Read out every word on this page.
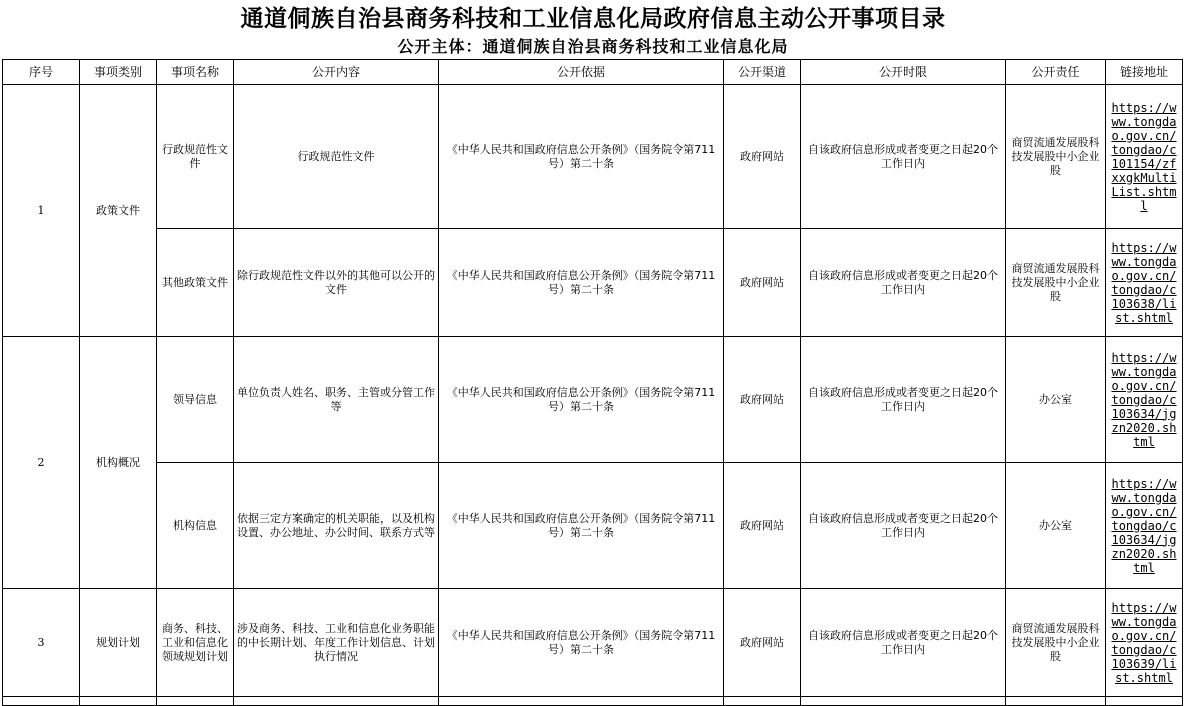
通道侗族自治县商务科技和工业信息化局政府信息主动公开事项目录
公开主体：通道侗族自治县商务科技和工业信息化局
序号	事项类别	事项名称	公开内容	公开依据	公开渠道	公开时限	公开责任	链接地址
1	政策文件	行政规范性文件	行政规范性文件	《中华人民共和国政府信息公开条例》（国务院令第711号）第二十条	政府网站	自该政府信息形成或者变更之日起20个工作日内	商贸流通发展股科技发展股中小企业股	https://www.tongdao.gov.cn/tongdao/c101154/zfxxgkMultiList.shtml

		其他政策文件	除行政规范性文件以外的其他可以公开的文件	《中华人民共和国政府信息公开条例》（国务院令第711号）第二十条	政府网站	自该政府信息形成或者变更之日起20个工作日内	商贸流通发展股科技发展股中小企业股	https://www.tongdao.gov.cn/tongdao/c103638/list.shtml

2	机构概况	领导信息	单位负责人姓名、职务、主管或分管工作等	《中华人民共和国政府信息公开条例》（国务院令第711号）第二十条	政府网站	自该政府信息形成或者变更之日起20个工作日内	办公室	https://www.tongdao.gov.cn/tongdao/c103634/jgzn2020.shtml

		机构信息	依据三定方案确定的机关职能，以及机构设置、办公地址、办公时间、联系方式等	《中华人民共和国政府信息公开条例》（国务院令第711号）第二十条	政府网站	自该政府信息形成或者变更之日起20个工作日内	办公室	https://www.tongdao.gov.cn/tongdao/c103634/jgzn2020.shtml

3	规划计划	商务、科技、工业和信息化领域规划计划	涉及商务、科技、工业和信息化业务职能的中长期计划、年度工作计划信息、计划执行情况	《中华人民共和国政府信息公开条例》（国务院令第711号）第二十条	政府网站	自该政府信息形成或者变更之日起20个工作日内	商贸流通发展股科技发展股中小企业股	https://www.tongdao.gov.cn/tongdao/c103639/list.shtml
